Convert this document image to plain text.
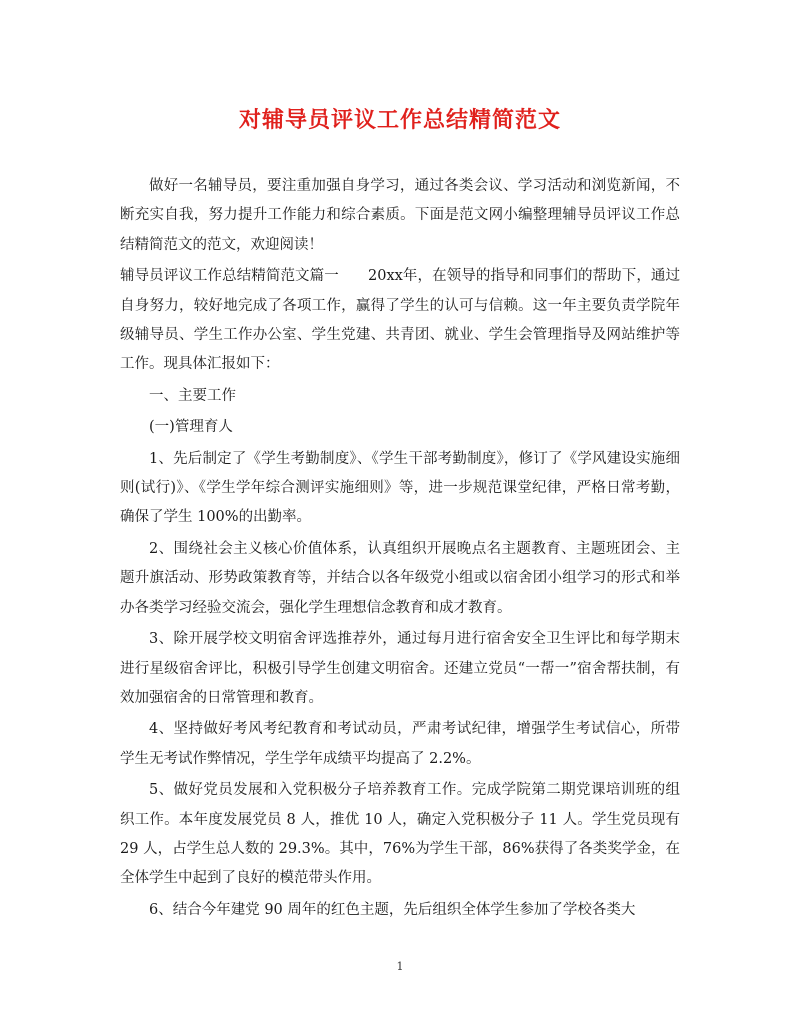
对辅导员评议工作总结精简范文

做好一名辅导员，要注重加强自身学习，通过各类会议、学习活动和浏览新闻，不断充实自我，努力提升工作能力和综合素质。下面是范文网小编整理辅导员评议工作总结精简范文的范文，欢迎阅读！

辅导员评议工作总结精简范文篇一　　20xx年，在领导的指导和同事们的帮助下，通过自身努力，较好地完成了各项工作，赢得了学生的认可与信赖。这一年主要负责学院年级辅导员、学生工作办公室、学生党建、共青团、就业、学生会管理指导及网站维护等工作。现具体汇报如下：

一、主要工作

(一)管理育人

1、先后制定了《学生考勤制度》、《学生干部考勤制度》，修订了《学风建设实施细则(试行)》、《学生学年综合测评实施细则》等，进一步规范课堂纪律，严格日常考勤，确保了学生 100%的出勤率。

2、围绕社会主义核心价值体系，认真组织开展晚点名主题教育、主题班团会、主题升旗活动、形势政策教育等，并结合以各年级党小组或以宿舍团小组学习的形式和举办各类学习经验交流会，强化学生理想信念教育和成才教育。

3、除开展学校文明宿舍评选推荐外，通过每月进行宿舍安全卫生评比和每学期末进行星级宿舍评比，积极引导学生创建文明宿舍。还建立党员“一帮一”宿舍帮扶制，有效加强宿舍的日常管理和教育。

4、坚持做好考风考纪教育和考试动员，严肃考试纪律，增强学生考试信心，所带学生无考试作弊情况，学生学年成绩平均提高了 2.2%。

5、做好党员发展和入党积极分子培养教育工作。完成学院第二期党课培训班的组织工作。本年度发展党员 8 人，推优 10 人，确定入党积极分子 11 人。学生党员现有 29 人，占学生总人数的 29.3%。其中，76%为学生干部，86%获得了各类奖学金，在全体学生中起到了良好的模范带头作用。

6、结合今年建党 90 周年的红色主题，先后组织全体学生参加了学校各类大

1
